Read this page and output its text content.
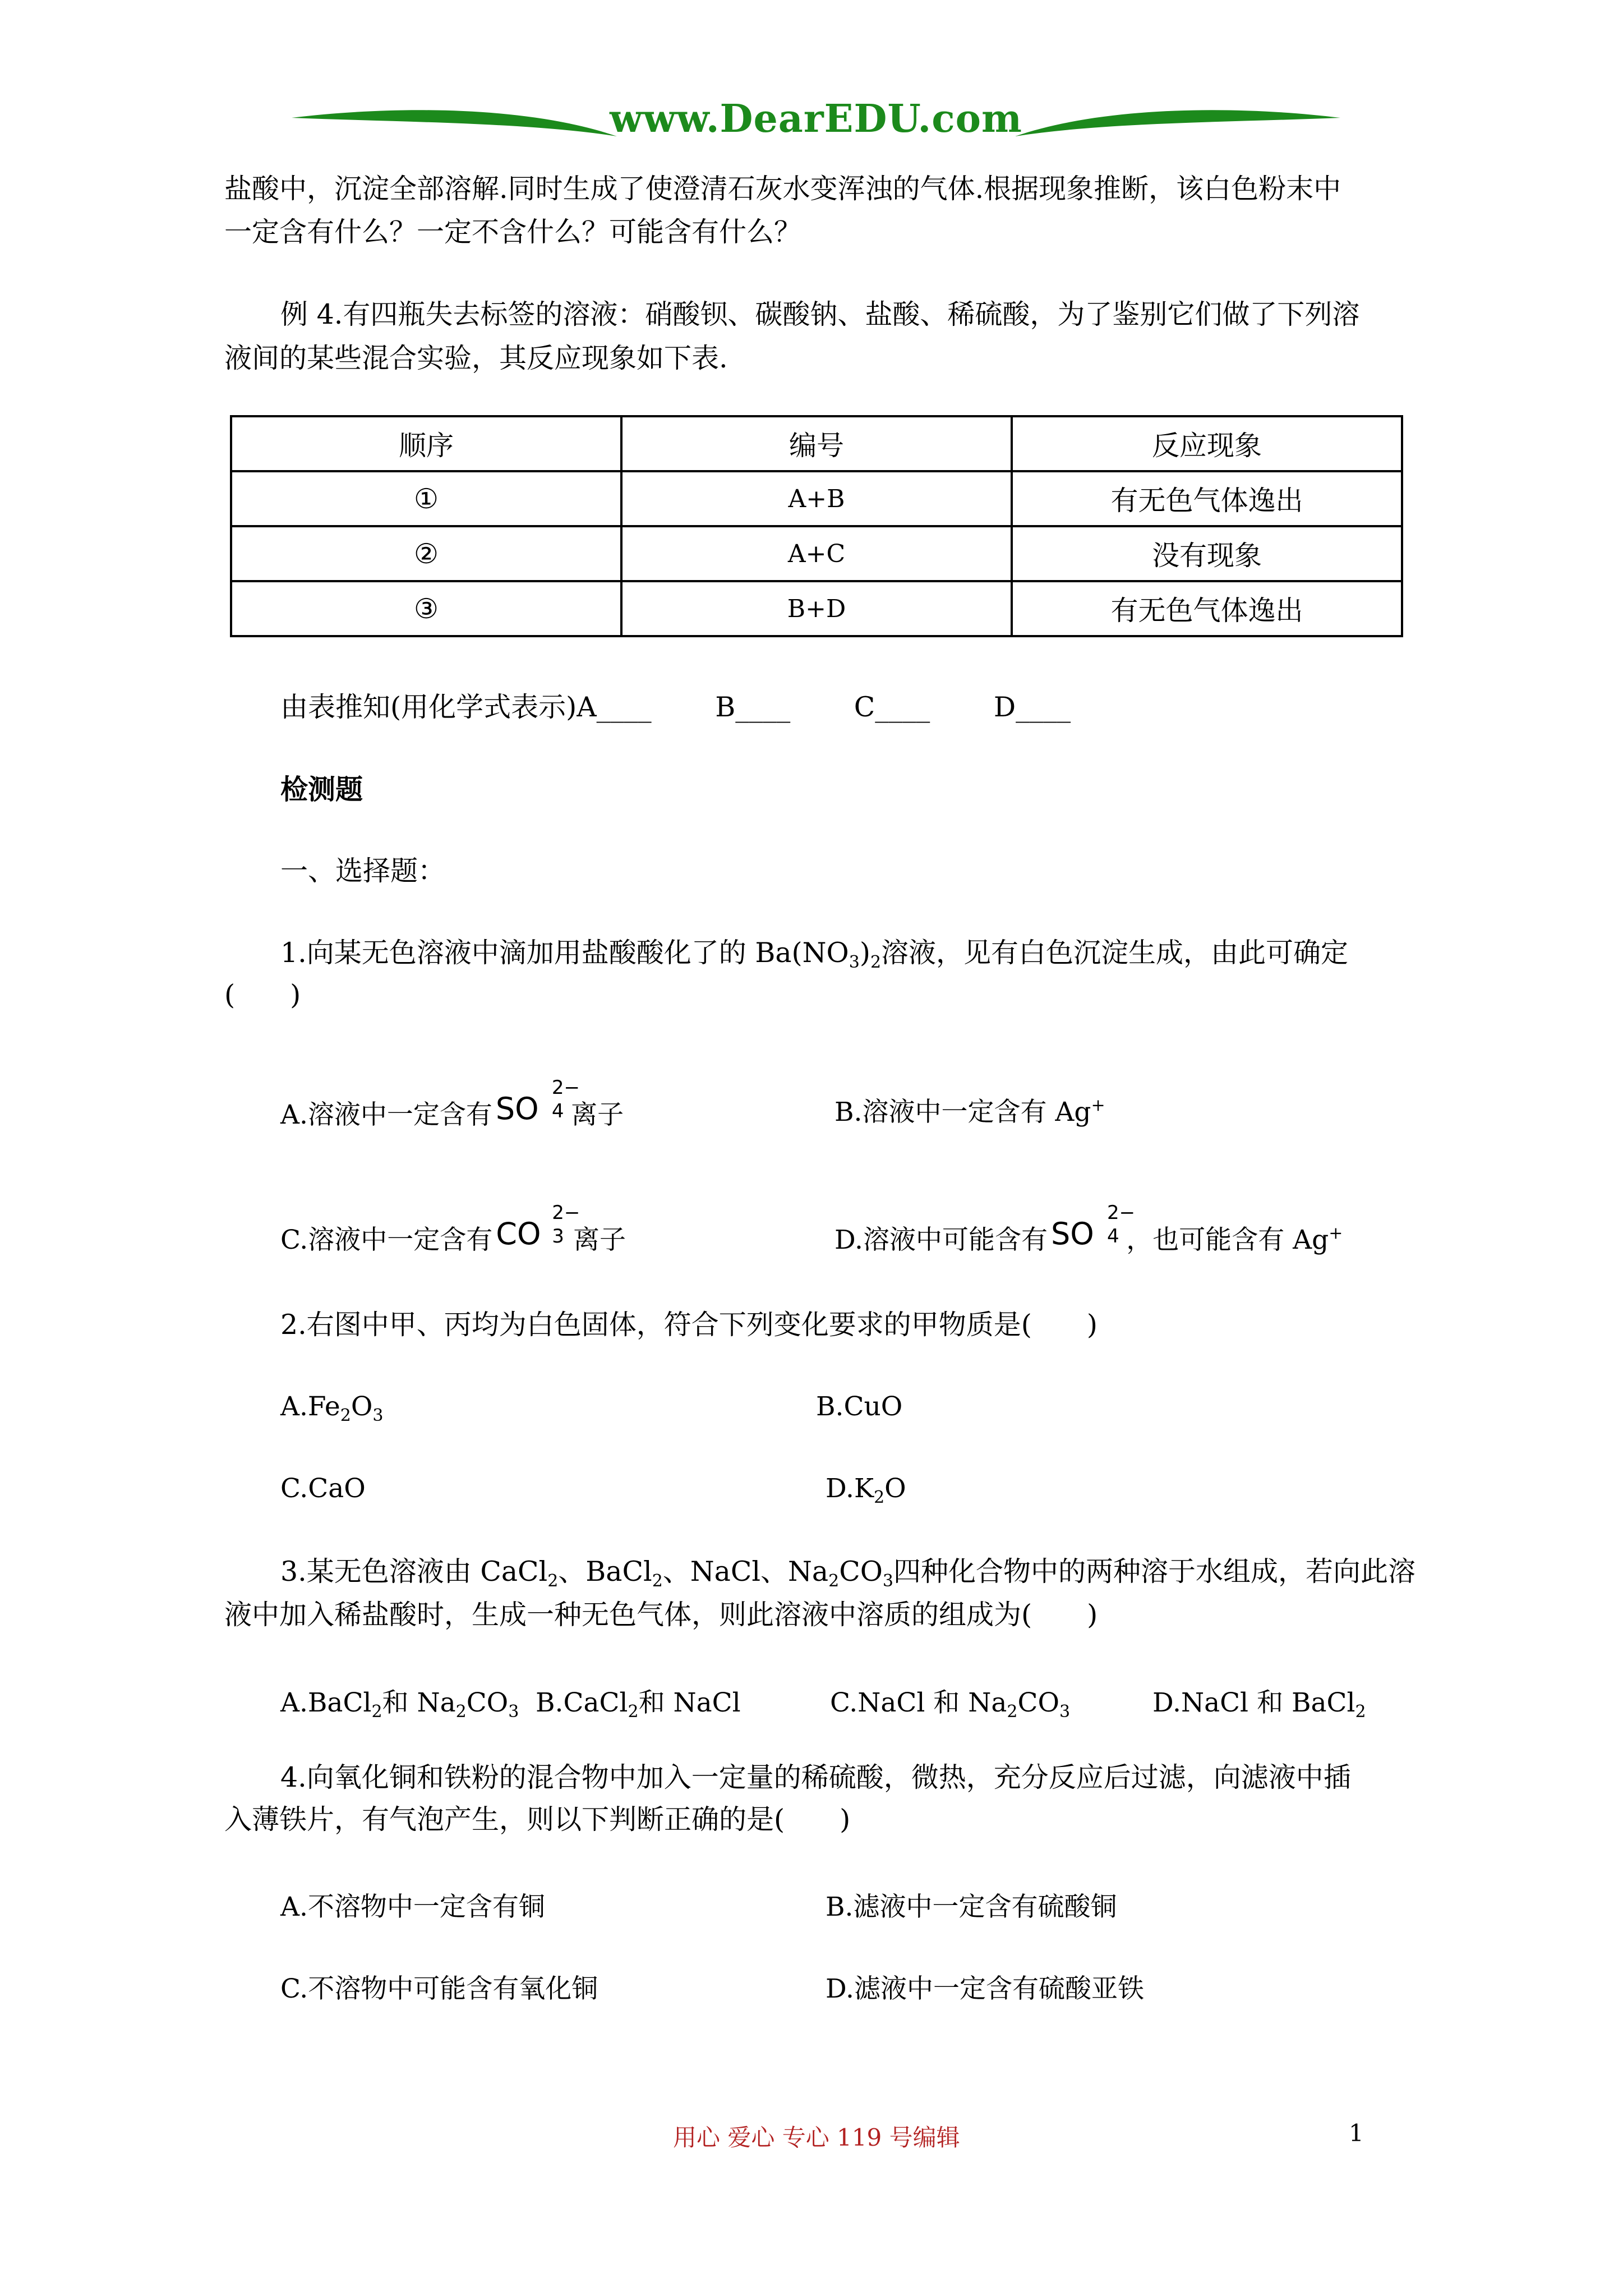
www.DearEDU.com
盐酸中，沉淀全部溶解.同时生成了使澄清石灰水变浑浊的气体.根据现象推断，该白色粉末中
一定含有什么？一定不含什么？可能含有什么？
例 4.有四瓶失去标签的溶液：硝酸钡、碳酸钠、盐酸、稀硫酸，为了鉴别它们做了下列溶
液间的某些混合实验，其反应现象如下表.
顺序	编号	反应现象
①	A+B	有无色气体逸出
②	A+C	没有现象
③	B+D	有无色气体逸出
由表推知(用化学式表示)A____ B____ C____ D____
检测题
一、选择题：
1.向某无色溶液中滴加用盐酸酸化了的 $Ba(NO_3)_2$溶液，见有白色沉淀生成，由此可确定
(　　)
A.溶液中一定含有 SO 4
2−
离子	B.溶液中一定含有 Ag+
C.溶液中一定含有 CO 3
2−
离子	D.溶液中可能含有 SO 4
2−
，也可能含有 Ag+
2.右图中甲、丙均为白色固体，符合下列变化要求的甲物质是(　　)
$A.Fe_2O_3$	B.CuO
C.CaO	$D.K_2O$
3.某无色溶液由 CaCl$_2$、BaCl$_2$、NaCl、$Na_2CO_3$四种化合物中的两种溶于水组成，若向此溶
液中加入稀盐酸时，生成一种无色气体，则此溶液中溶质的组成为(　　)
A.BaCl$_2$和 $Na_2CO_3$ B.CaCl$_2$和 NaCl	C.NaCl 和 $Na_2CO_3$	D.NaCl 和 BaCl$_2$
4.向氧化铜和铁粉的混合物中加入一定量的稀硫酸，微热，充分反应后过滤，向滤液中插
入薄铁片，有气泡产生，则以下判断正确的是(　　)
A.不溶物中一定含有铜	B.滤液中一定含有硫酸铜
C.不溶物中可能含有氧化铜	D.滤液中一定含有硫酸亚铁
用心 爱心 专心 119 号编辑	1
